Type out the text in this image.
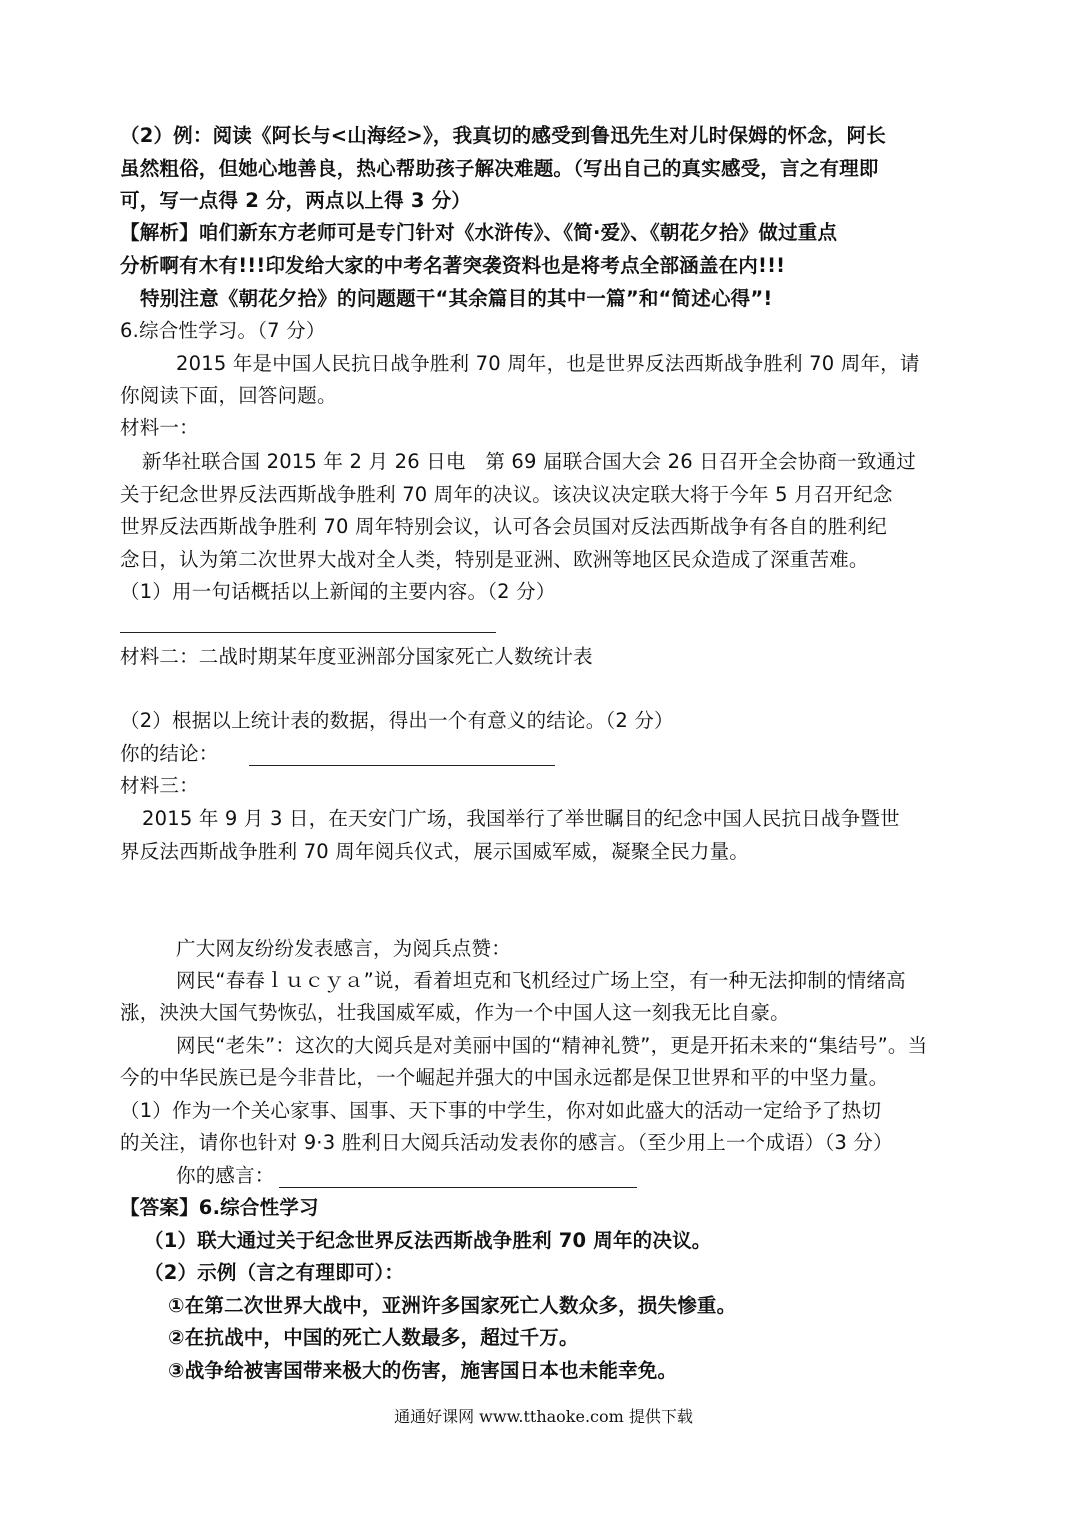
（2）例：阅读《阿长与<山海经>》，我真切的感受到鲁迅先生对儿时保姆的怀念，阿长
虽然粗俗，但她心地善良，热心帮助孩子解决难题。（写出自己的真实感受，言之有理即
可，写一点得 2 分，两点以上得 3 分）
【解析】咱们新东方老师可是专门针对《水浒传》、《简·爱》、《朝花夕拾》做过重点
分析啊有木有!!!印发给大家的中考名著突袭资料也是将考点全部涵盖在内!!!
特别注意《朝花夕拾》的问题题干“其余篇目的其中一篇”和“简述心得”!
6.综合性学习。（7 分）
2015 年是中国人民抗日战争胜利 70 周年，也是世界反法西斯战争胜利 70 周年，请
你阅读下面，回答问题。
材料一：
新华社联合国 2015 年 2 月 26 日电　第 69 届联合国大会 26 日召开全会协商一致通过
关于纪念世界反法西斯战争胜利 70 周年的决议。该决议决定联大将于今年 5 月召开纪念
世界反法西斯战争胜利 70 周年特别会议，认可各会员国对反法西斯战争有各自的胜利纪
念日，认为第二次世界大战对全人类，特别是亚洲、欧洲等地区民众造成了深重苦难。
（1）用一句话概括以上新闻的主要内容。（2 分）
材料二：二战时期某年度亚洲部分国家死亡人数统计表
（2）根据以上统计表的数据，得出一个有意义的结论。（2 分）
你的结论：
材料三：
2015 年 9 月 3 日，在天安门广场，我国举行了举世瞩目的纪念中国人民抗日战争暨世
界反法西斯战争胜利 70 周年阅兵仪式，展示国威军威，凝聚全民力量。
广大网友纷纷发表感言，为阅兵点赞：
网民“春春ｌｕｃｙａ”说，看着坦克和飞机经过广场上空，有一种无法抑制的情绪高
涨，泱泱大国气势恢弘，壮我国威军威，作为一个中国人这一刻我无比自豪。
网民“老朱”：这次的大阅兵是对美丽中国的“精神礼赞”，更是开拓未来的“集结号”。当
今的中华民族已是今非昔比，一个崛起并强大的中国永远都是保卫世界和平的中坚力量。
（1）作为一个关心家事、国事、天下事的中学生，你对如此盛大的活动一定给予了热切
的关注，请你也针对 9·3 胜利日大阅兵活动发表你的感言。（至少用上一个成语）（3 分）
你的感言：
【答案】6.综合性学习
（1）联大通过关于纪念世界反法西斯战争胜利 70 周年的决议。
（2）示例（言之有理即可）：
①在第二次世界大战中，亚洲许多国家死亡人数众多，损失惨重。
②在抗战中，中国的死亡人数最多，超过千万。
③战争给被害国带来极大的伤害，施害国日本也未能幸免。
通通好课网 www.tthaoke.com 提供下载
